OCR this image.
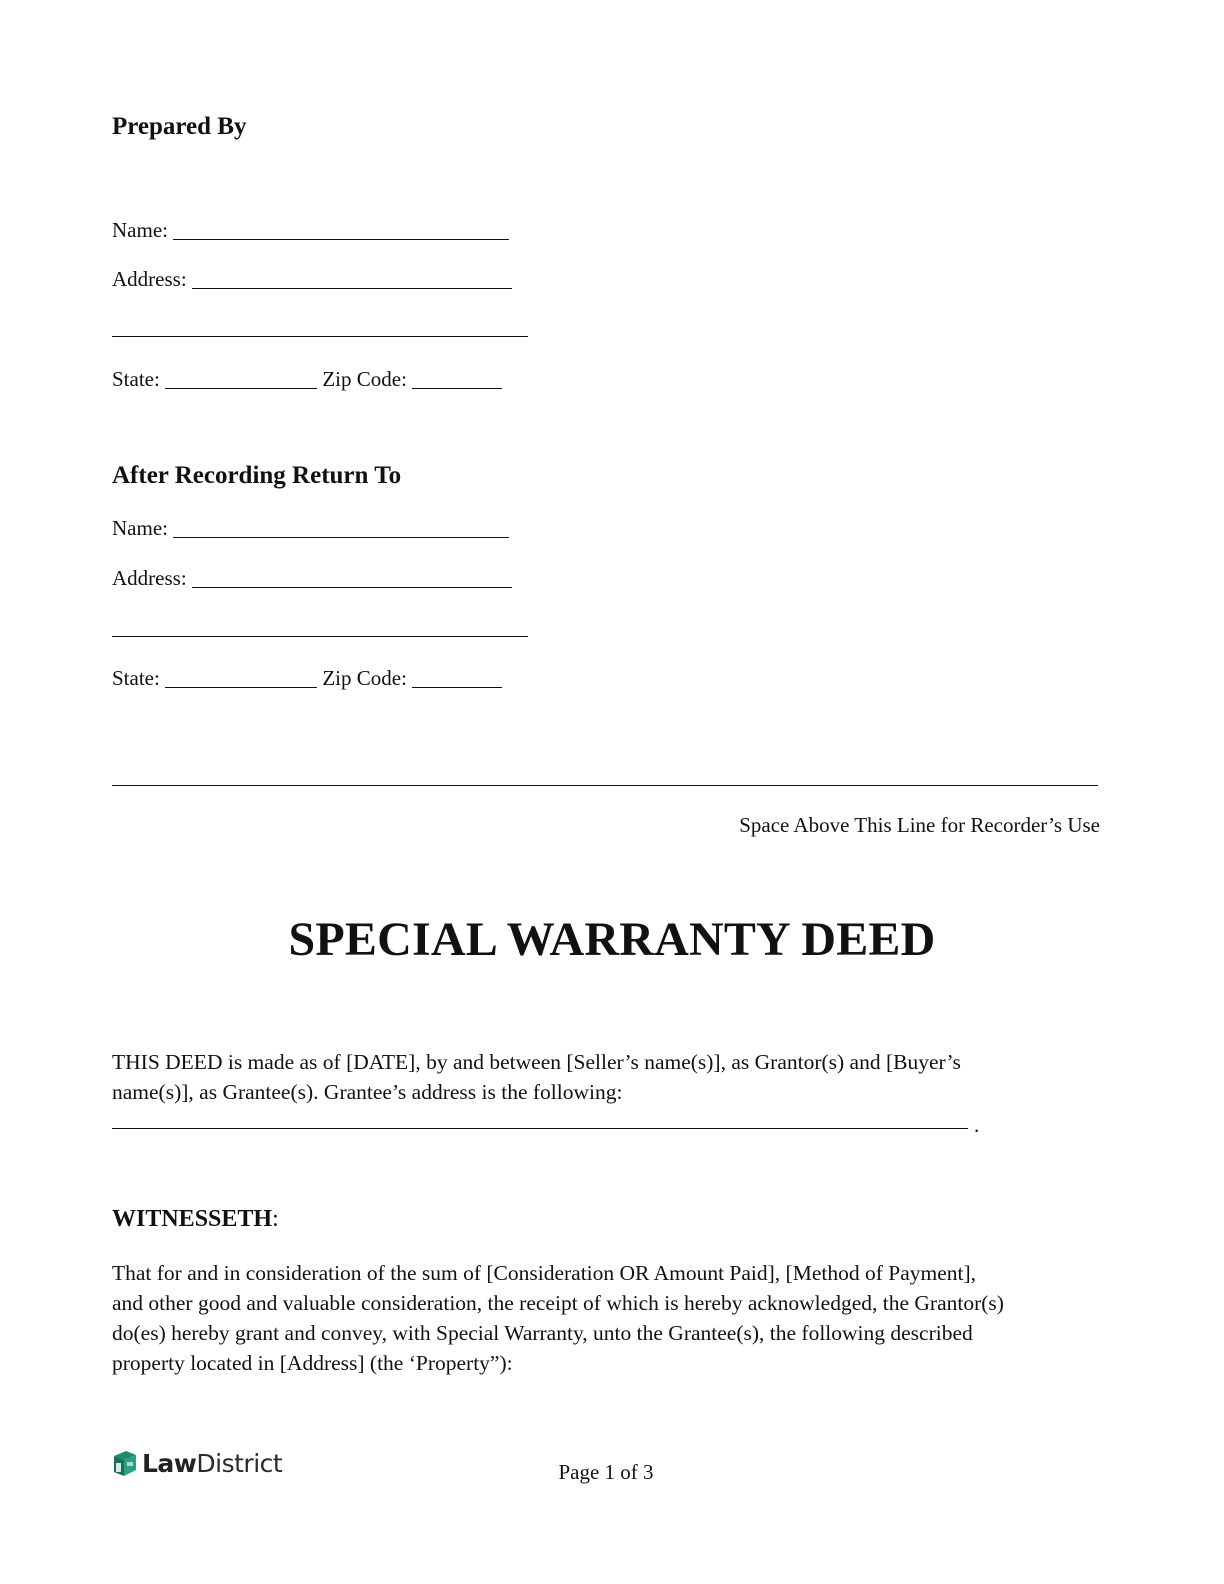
Prepared By
Name:
Address:
State:	Zip Code:
After Recording Return To
Name:
Address:
State:	Zip Code:
Space Above This Line for Recorder’s Use
SPECIAL WARRANTY DEED
THIS DEED is made as of [DATE], by and between [Seller’s name(s)], as Grantor(s) and [Buyer’s
name(s)], as Grantee(s). Grantee’s address is the following:
.
WITNESSETH:
That for and in consideration of the sum of [Consideration OR Amount Paid], [Method of Payment],
and other good and valuable consideration, the receipt of which is hereby acknowledged, the Grantor(s)
do(es) hereby grant and convey, with Special Warranty, unto the Grantee(s), the following described
property located in [Address] (the ‘Property”):
LawDistrict	Page 1 of 3
